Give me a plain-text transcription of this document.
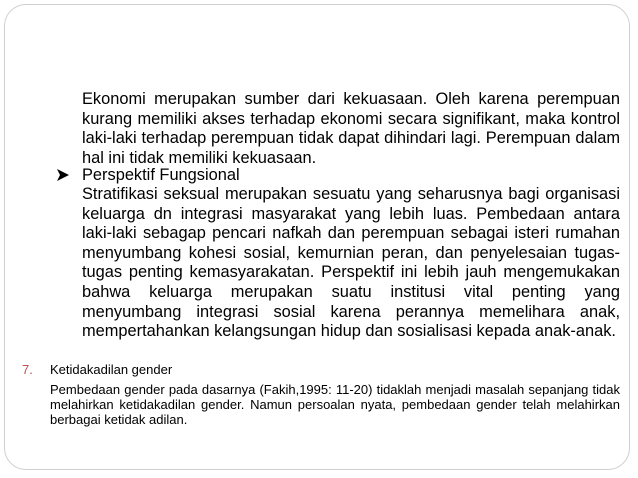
Ekonomi merupakan sumber dari kekuasaan. Oleh karena perempuan kurang memiliki akses terhadap ekonomi secara signifikant, maka kontrol laki-laki terhadap perempuan tidak dapat dihindari lagi. Perempuan dalam hal ini tidak memiliki kekuasaan.
Perspektif Fungsional
Stratifikasi seksual merupakan sesuatu yang seharusnya bagi organisasi keluarga dn integrasi masyarakat yang lebih luas. Pembedaan antara laki-laki sebagap pencari nafkah dan perempuan sebagai isteri rumahan menyumbang kohesi sosial, kemurnian peran, dan penyelesaian tugas-tugas penting kemasyarakatan. Perspektif ini lebih jauh mengemukakan bahwa keluarga merupakan suatu institusi vital penting yang menyumbang integrasi sosial karena perannya memelihara anak, mempertahankan kelangsungan hidup dan sosialisasi kepada anak-anak.
7. Ketidakadilan gender
Pembedaan gender pada dasarnya (Fakih,1995: 11-20) tidaklah menjadi masalah sepanjang tidak melahirkan ketidakadilan gender. Namun persoalan nyata, pembedaan gender telah melahirkan berbagai ketidak adilan.
